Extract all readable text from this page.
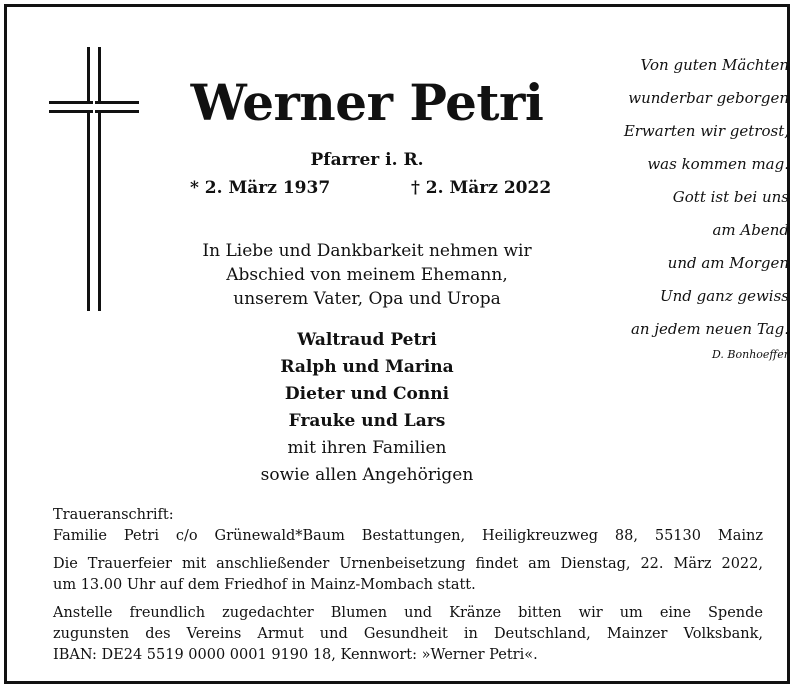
Werner Petri
Pfarrer i. R.
* 2. März 1937	† 2. März 2022
In Liebe und Dankbarkeit nehmen wir
Abschied von meinem Ehemann,
unserem Vater, Opa und Uropa
Waltraud Petri
Ralph und Marina
Dieter und Conni
Frauke und Lars
mit ihren Familien
sowie allen Angehörigen
Von guten Mächten
wunderbar geborgen
Erwarten wir getrost,
was kommen mag.
Gott ist bei uns
am Abend
und am Morgen
Und ganz gewiss
an jedem neuen Tag.
D. Bonhoeffer

Traueranschrift:

Familie Petri c/o Grünewald*Baum Bestattungen, Heiligkreuzweg 88, 55130 Mainz

Die Trauerfeier mit anschließender Urnenbeisetzung findet am Dienstag, 22. März 2022,

um 13.00 Uhr auf dem Friedhof in Mainz-Mombach statt.

Anstelle freundlich zugedachter Blumen und Kränze bitten wir um eine Spende

zugunsten des Vereins Armut und Gesundheit in Deutschland, Mainzer Volksbank,

IBAN: DE24 5519 0000 0001 9190 18, Kennwort: »Werner Petri«.
